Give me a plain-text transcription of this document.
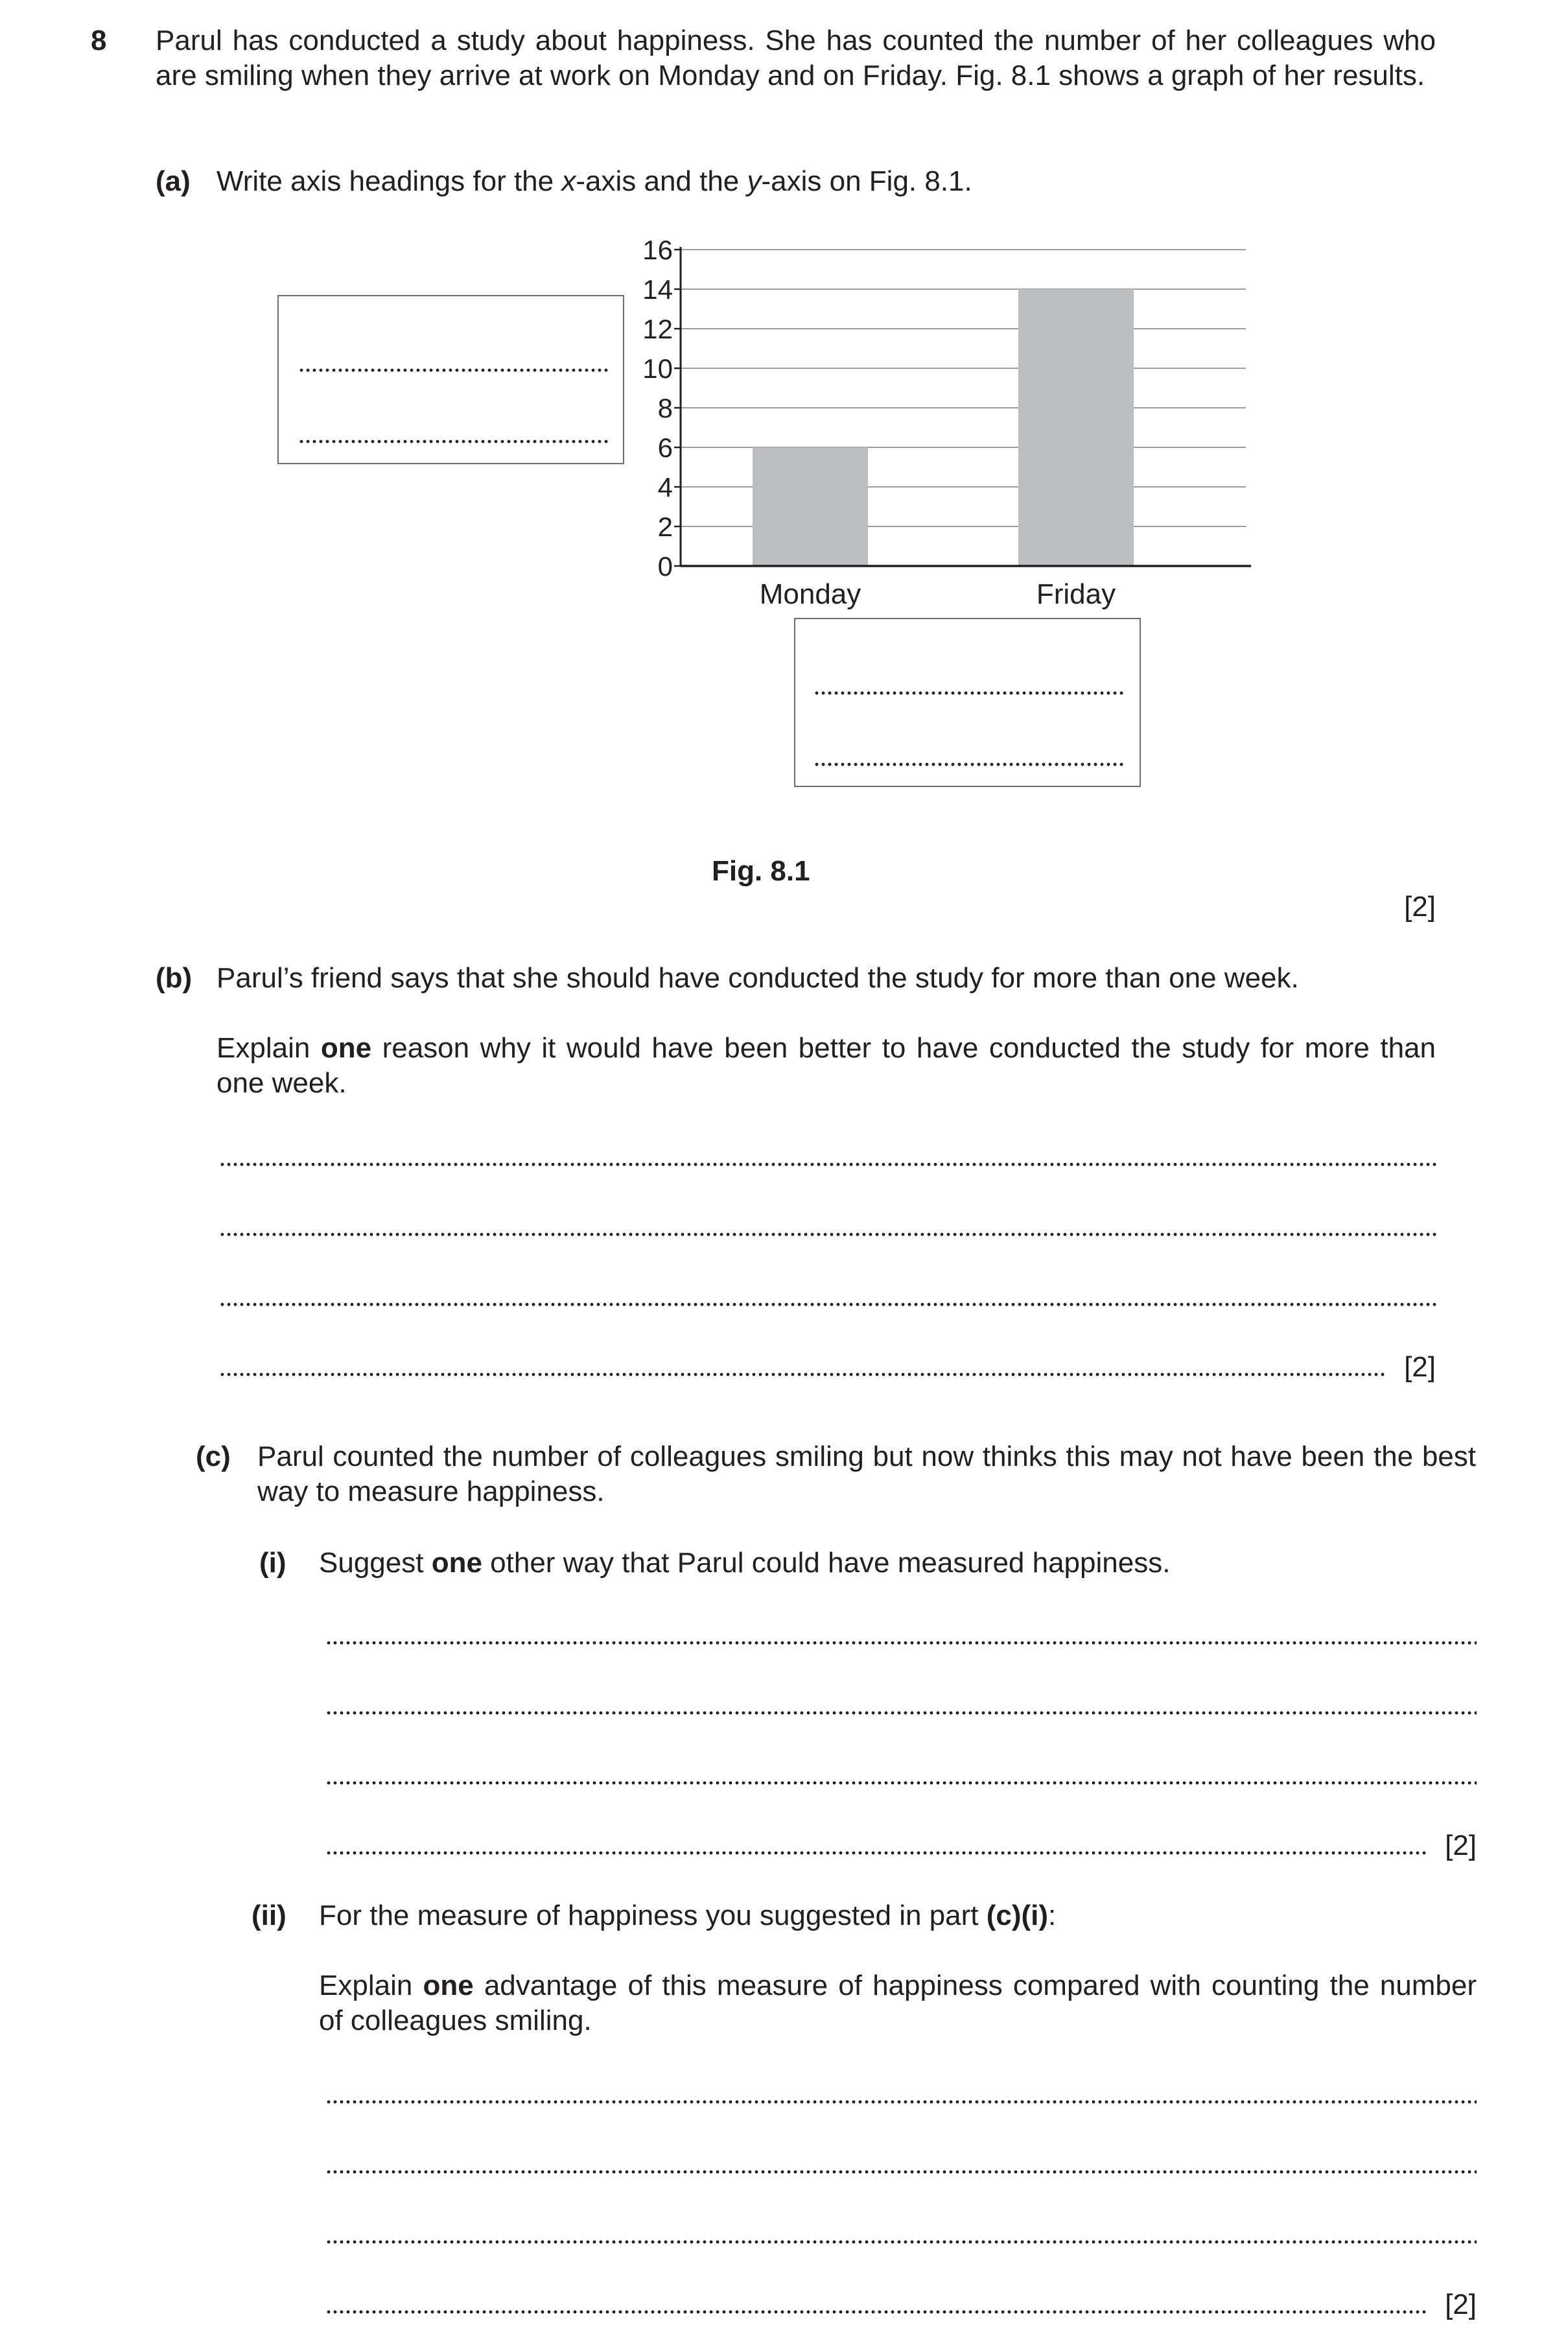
8 Parul has conducted a study about happiness. She has counted the number of her colleagues who are smiling when they arrive at work on Monday and on Friday. Fig. 8.1 shows a graph of her results.
(a) Write axis headings for the x-axis and the y-axis on Fig. 8.1.
0
2
4
6
8
10
12
14
16
Monday	Friday
Fig. 8.1
[2]
(b) Parul’s friend says that she should have conducted the study for more than one week.
Explain one reason why it would have been better to have conducted the study for more than one week.
[2]
(c) Parul counted the number of colleagues smiling but now thinks this may not have been the best way to measure happiness.
(i) Suggest one other way that Parul could have measured happiness.
[2]
(ii) For the measure of happiness you suggested in part (c)(i):
Explain one advantage of this measure of happiness compared with counting the number of colleagues smiling.
[2]
